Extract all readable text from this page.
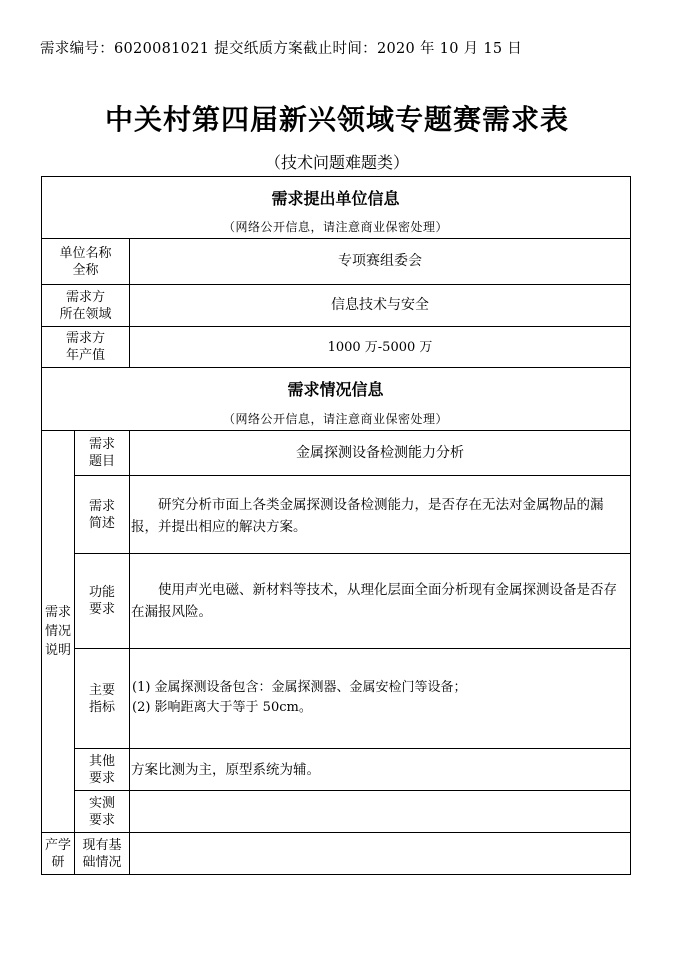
需求编号：6020081021 提交纸质方案截止时间：2020 年 10 月 15 日
中关村第四届新兴领域专题赛需求表
（技术问题难题类）
需求提出单位信息
（网络公开信息，请注意商业保密处理）
单位名称
全称
专项赛组委会
需求方
所在领域
信息技术与安全
需求方
年产值
1000 万-5000 万
需求情况信息
（网络公开信息，请注意商业保密处理）
需求
情况
说明
需求
题目
金属探测设备检测能力分析
需求
简述
研究分析市面上各类金属探测设备检测能力，是否存在无法对金属物品的漏报，并提出相应的解决方案。
功能
要求
使用声光电磁、新材料等技术，从理化层面全面分析现有金属探测设备是否存在漏报风险。
主要
指标
(1) 金属探测设备包含：金属探测器、金属安检门等设备；
(2) 影响距离大于等于 50cm。
其他
要求 方案比测为主，原型系统为辅。
实测
要求
产学
研
现有基
础情况
